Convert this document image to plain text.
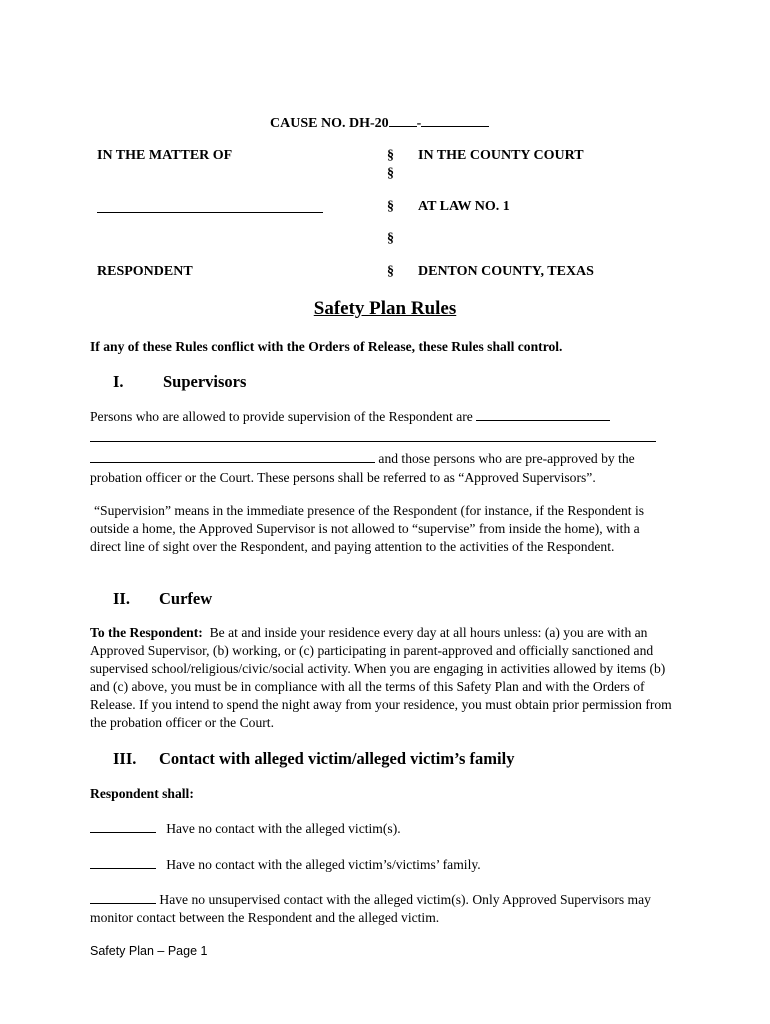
CAUSE NO. DH-20 -
IN THE MATTER OF	§
§
IN THE COUNTY COURT
§ AT LAW NO. 1
§
RESPONDENT	§ DENTON COUNTY, TEXAS
Safety Plan Rules
If any of these Rules conflict with the Orders of Release, these Rules shall control.
I. Supervisors
Persons who are allowed to provide supervision of the Respondent are
and those persons who are pre-approved by the
probation officer or the Court. These persons shall be referred to as “Approved Supervisors”.
“Supervision” means in the immediate presence of the Respondent (for instance, if the Respondent is outside a home, the Approved Supervisor is not allowed to “supervise” from inside the home), with a direct line of sight over the Respondent, and paying attention to the activities of the Respondent.
II. Curfew
To the Respondent: Be at and inside your residence every day at all hours unless: (a) you are with an Approved Supervisor, (b) working, or (c) participating in parent-approved and officially sanctioned and supervised school/religious/civic/social activity. When you are engaging in activities allowed by items (b) and (c) above, you must be in compliance with all the terms of this Safety Plan and with the Orders of Release. If you intend to spend the night away from your residence, you must obtain prior permission from the probation officer or the Court.
III. Contact with alleged victim/alleged victim’s family
Respondent shall:
Have no contact with the alleged victim(s).
Have no contact with the alleged victim’s/victims’ family.
Have no unsupervised contact with the alleged victim(s). Only Approved Supervisors may monitor contact between the Respondent and the alleged victim.
Safety Plan – Page 1
